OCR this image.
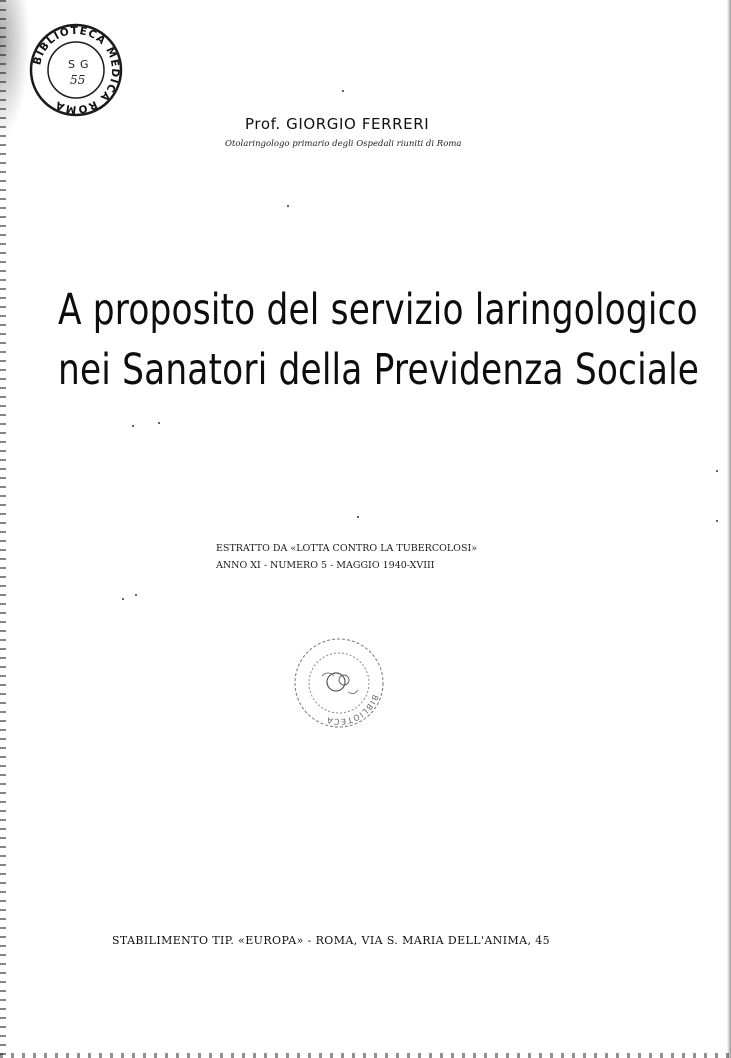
BIBLIOTECA MEDICA ROMA
S G
55
BIBLIOTECA
Prof. GIORGIO FERRERI
Otolaringologo primario degli Ospedali riuniti di Roma
A proposito del servizio laringologico
nei Sanatori della Previdenza Sociale
ESTRATTO DA «LOTTA CONTRO LA TUBERCOLOSI»
ANNO XI - NUMERO 5 - MAGGIO 1940-XVIII
STABILIMENTO TIP. «EUROPA» - ROMA, VIA S. MARIA DELL'ANIMA, 45
